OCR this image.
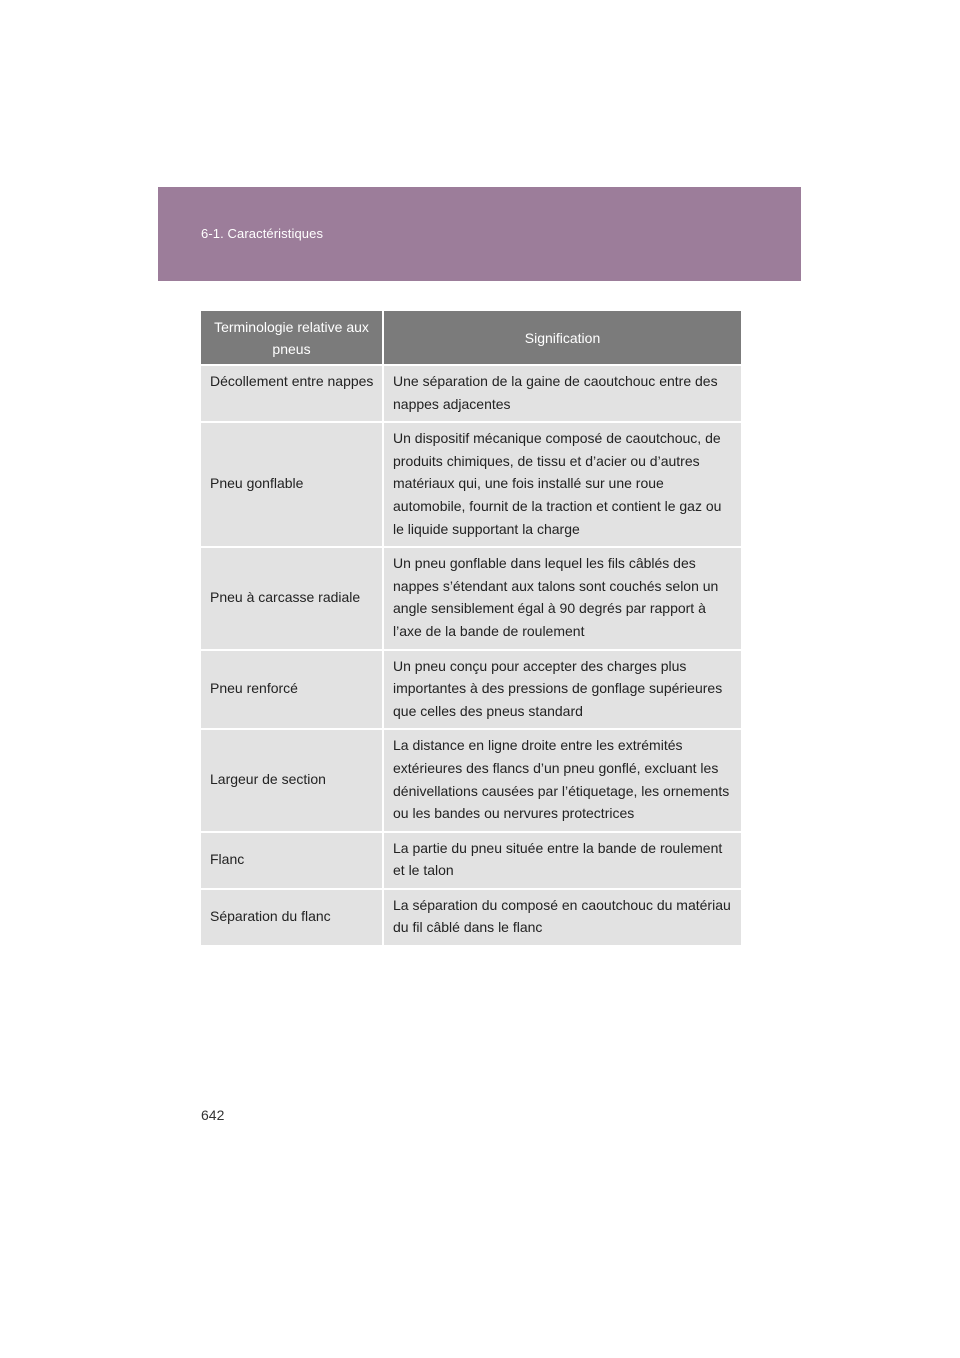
6-1. Caractéristiques
Terminologie relative aux pneus	Signification
Décollement entre nappes	Une séparation de la gaine de caoutchouc entre des nappes adjacentes
Pneu gonflable	Un dispositif mécanique composé de caoutchouc, de produits chimiques, de tissu et d’acier ou d’autres matériaux qui, une fois installé sur une roue automobile, fournit de la traction et contient le gaz ou le liquide supportant la charge
Pneu à carcasse radiale	Un pneu gonflable dans lequel les fils câblés des nappes s’étendant aux talons sont couchés selon un angle sensiblement égal à 90 degrés par rapport à l’axe de la bande de roulement
Pneu renforcé	Un pneu conçu pour accepter des charges plus importantes à des pressions de gonflage supérieures que celles des pneus standard
Largeur de section	La distance en ligne droite entre les extrémités extérieures des flancs d’un pneu gonflé, excluant les dénivellations causées par l’étiquetage, les ornements ou les bandes ou nervures protectrices
Flanc	La partie du pneu située entre la bande de roulement et le talon
Séparation du flanc	La séparation du composé en caoutchouc du matériau du fil câblé dans le flanc
642
